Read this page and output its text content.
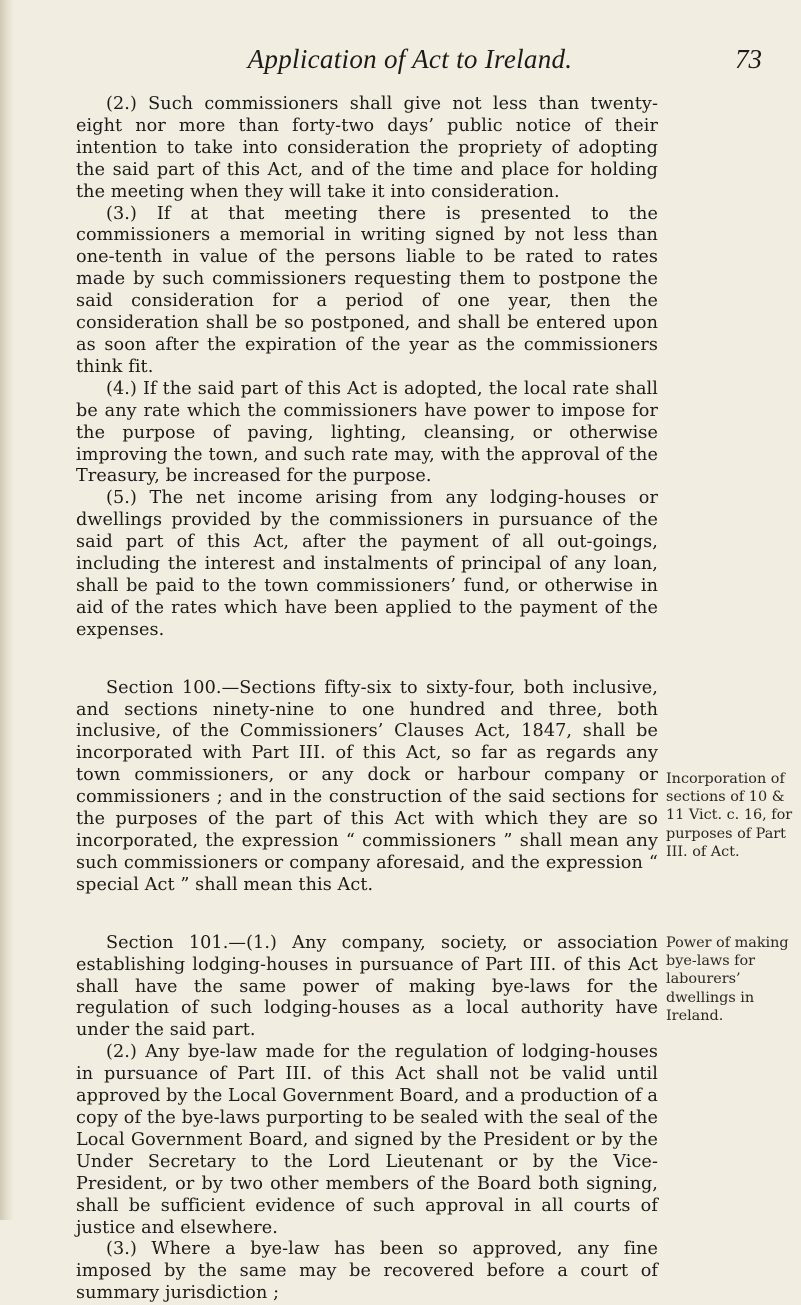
Application of Act to Ireland.	73

(2.) Such commissioners shall give not less than twenty-eight nor more than forty-two days’ public notice of their intention to take into consideration the propriety of adopting the said part of this Act, and of the time and place for holding the meeting when they will take it into consideration.

(3.) If at that meeting there is presented to the commissioners a memorial in writing signed by not less than one-tenth in value of the persons liable to be rated to rates made by such commissioners requesting them to postpone the said consideration for a period of one year, then the consideration shall be so postponed, and shall be entered upon as soon after the expiration of the year as the commissioners think fit.

(4.) If the said part of this Act is adopted, the local rate shall be any rate which the commissioners have power to impose for the purpose of paving, lighting, cleansing, or otherwise improving the town, and such rate may, with the approval of the Treasury, be increased for the purpose.

(5.) The net income arising from any lodging-houses or dwellings provided by the commissioners in pursuance of the said part of this Act, after the payment of all out-goings, including the interest and instalments of principal of any loan, shall be paid to the town commissioners’ fund, or otherwise in aid of the rates which have been applied to the payment of the expenses.

Section 100.—Sections fifty-six to sixty-four, both inclusive, and sections ninety-nine to one hundred and three, both inclusive, of the Commissioners’ Clauses Act, 1847, shall be incorporated with Part III. of this Act, so far as regards any town commissioners, or any dock or harbour company or commissioners ; and in the construction of the said sections for the purposes of the part of this Act with which they are so incorporated, the expression “ commissioners ” shall mean any such commissioners or company aforesaid, and the expression “ special Act ” shall mean this Act.

Section 101.—(1.) Any company, society, or association establishing lodging-houses in pursuance of Part III. of this Act shall have the same power of making bye-laws for the regulation of such lodging-houses as a local authority have under the said part.

(2.) Any bye-law made for the regulation of lodging-houses in pursuance of Part III. of this Act shall not be valid until approved by the Local Government Board, and a production of a copy of the bye-laws purporting to be sealed with the seal of the Local Government Board, and signed by the President or by the Under Secretary to the Lord Lieutenant or by the Vice-President, or by two other members of the Board both signing, shall be sufficient evidence of such approval in all courts of justice and elsewhere.

(3.) Where a bye-law has been so approved, any fine imposed by the same may be recovered before a court of summary jurisdiction ;

Incorporation of sections of 10 & 11 Vict. c. 16, for purposes of Part III. of Act.
Power of making bye-laws for labourers’ dwellings in Ireland.
